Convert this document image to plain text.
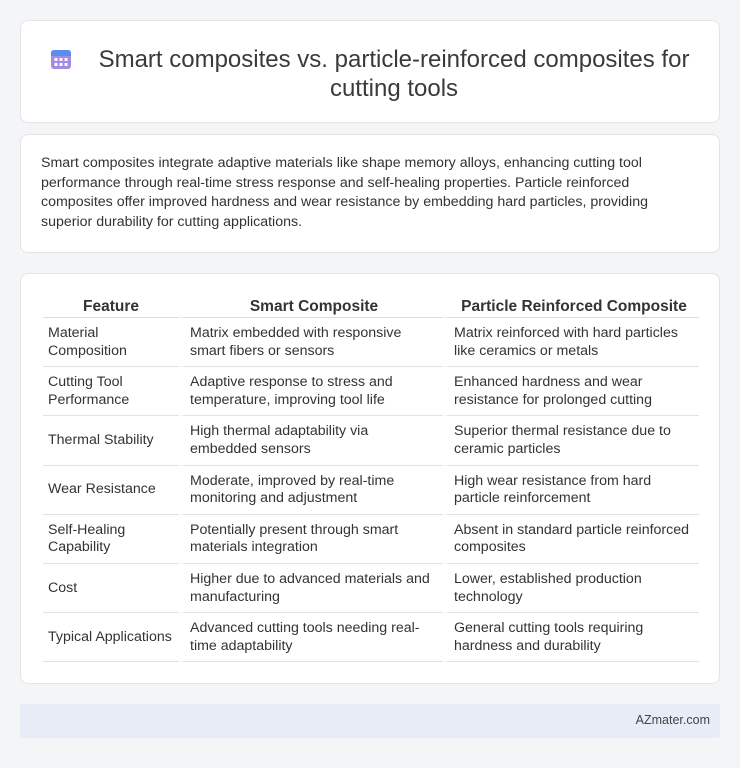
Smart composites vs. particle-reinforced composites for cutting tools

Smart composites integrate adaptive materials like shape memory alloys, enhancing cutting tool performance through real-time stress response and self-healing properties. Particle reinforced composites offer improved hardness and wear resistance by embedding hard particles, providing superior durability for cutting applications.

Feature	Smart Composite	Particle Reinforced Composite
Material Composition	Matrix embedded with responsive smart fibers or sensors	Matrix reinforced with hard particles like ceramics or metals
Cutting Tool Performance	Adaptive response to stress and temperature, improving tool life	Enhanced hardness and wear resistance for prolonged cutting
Thermal Stability	High thermal adaptability via embedded sensors	Superior thermal resistance due to ceramic particles
Wear Resistance	Moderate, improved by real-time monitoring and adjustment	High wear resistance from hard particle reinforcement
Self-Healing Capability	Potentially present through smart materials integration	Absent in standard particle reinforced composites
Cost	Higher due to advanced materials and manufacturing	Lower, established production technology
Typical Applications	Advanced cutting tools needing real-time adaptability	General cutting tools requiring hardness and durability
AZmater.com
